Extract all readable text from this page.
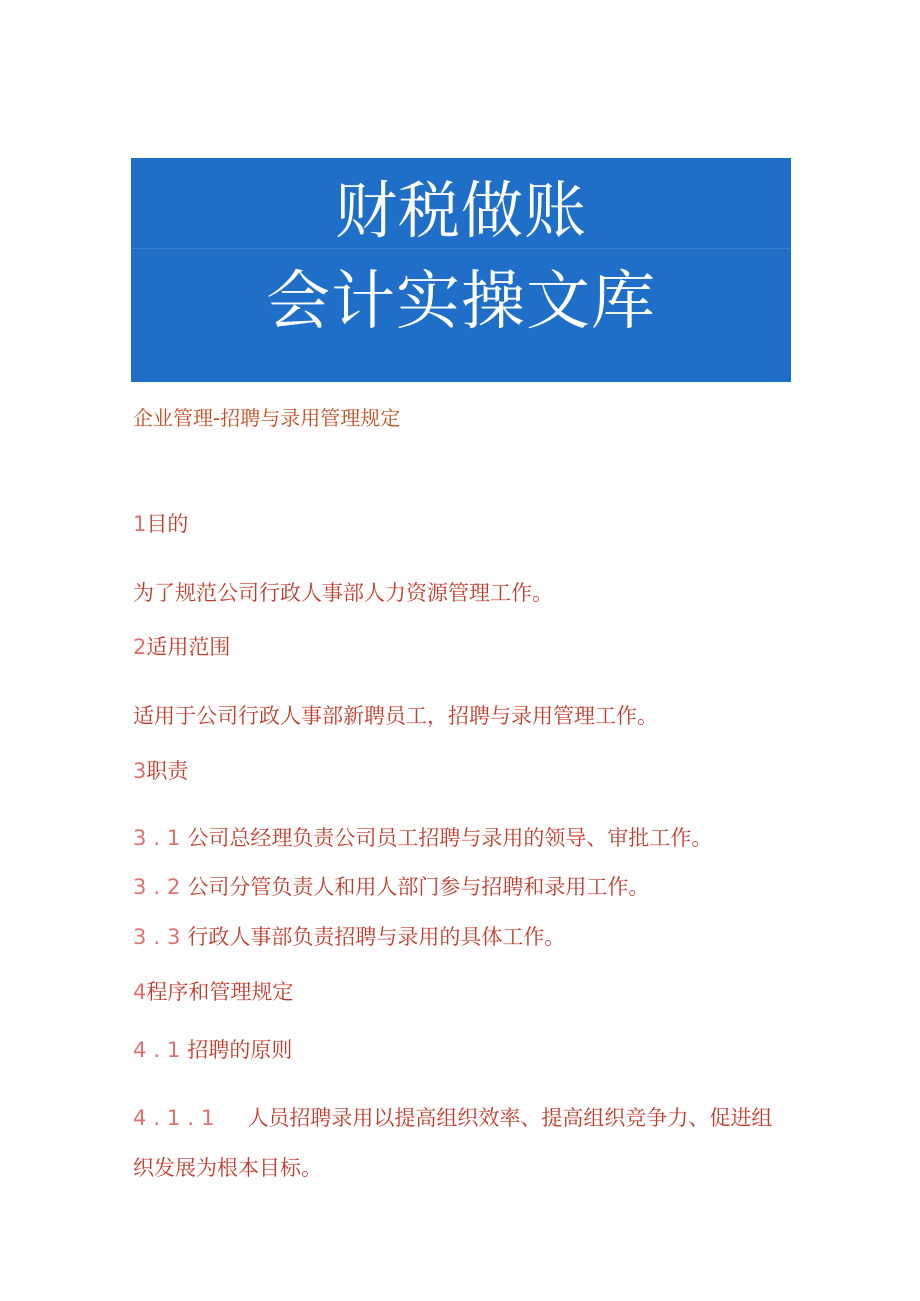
财税做账
会计实操文库
企业管理-招聘与录用管理规定
1目的
为了规范公司行政人事部人力资源管理工作。
2适用范围
适用于公司行政人事部新聘员工，招聘与录用管理工作。
3职责
3.1公司总经理负责公司员工招聘与录用的领导、审批工作。
3.2公司分管负责人和用人部门参与招聘和录用工作。
3.3行政人事部负责招聘与录用的具体工作。
4程序和管理规定
4.1招聘的原则
4.1.1 人员招聘录用以提高组织效率、提高组织竞争力、促进组
织发展为根本目标。
